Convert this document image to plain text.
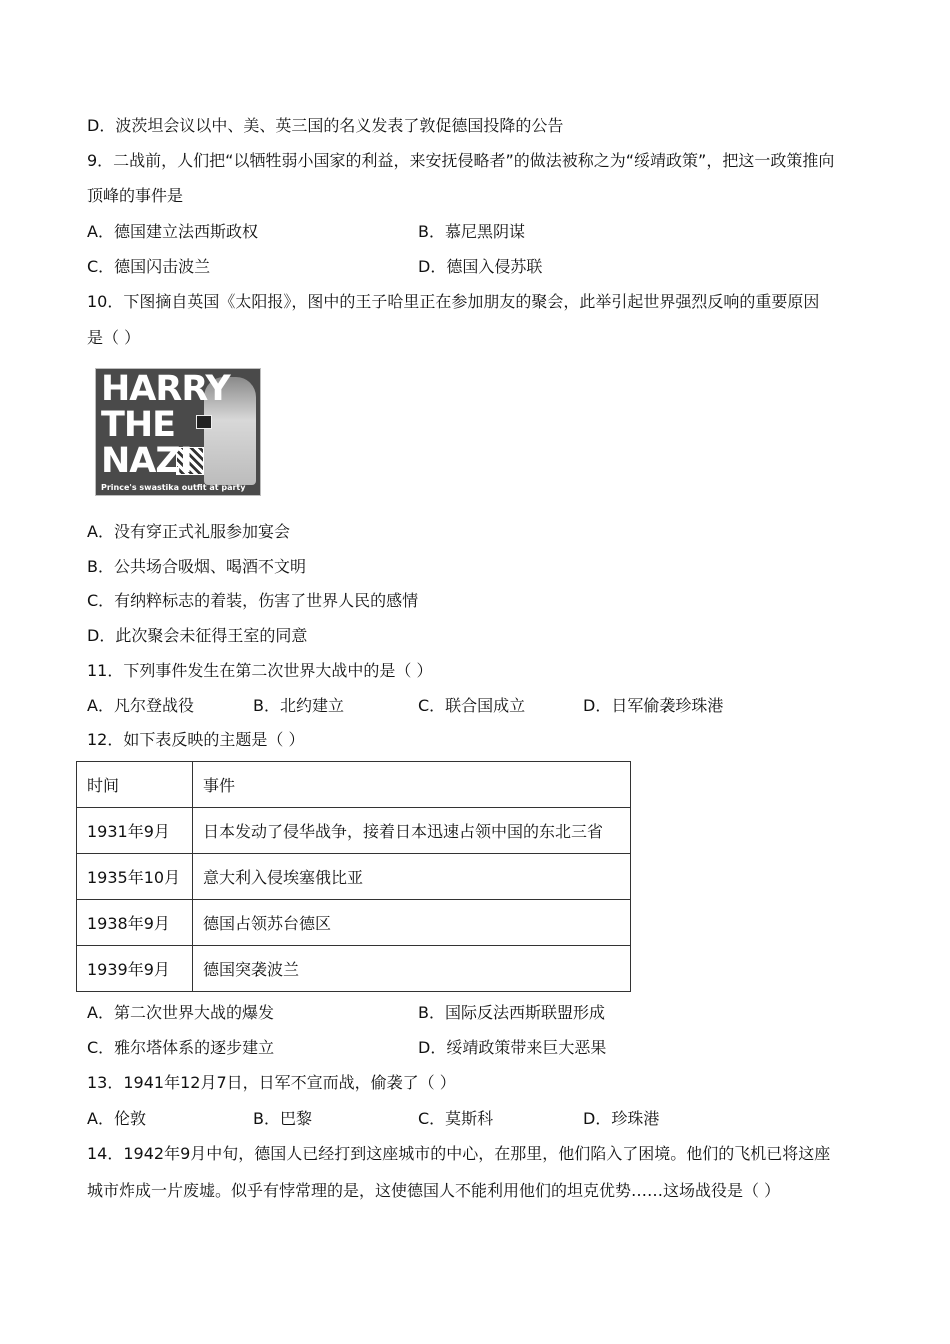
D．波茨坦会议以中、美、英三国的名义发表了敦促德国投降的公告
9．二战前，人们把“以牺牲弱小国家的利益，来安抚侵略者”的做法被称之为“绥靖政策”，把这一政策推向
顶峰的事件是
A．德国建立法西斯政权	B．慕尼黑阴谋
C．德国闪击波兰	D．德国入侵苏联
10．下图摘自英国《太阳报》，图中的王子哈里正在参加朋友的聚会，此举引起世界强烈反响的重要原因
是（ ）
HARRY
THE
NAZI
Prince's swastika outfit at party
A．没有穿正式礼服参加宴会
B．公共场合吸烟、喝酒不文明
C．有纳粹标志的着装，伤害了世界人民的感情
D．此次聚会未征得王室的同意
11．下列事件发生在第二次世界大战中的是（ ）
A．凡尔登战役	B．北约建立	C．联合国成立	D．日军偷袭珍珠港
12．如下表反映的主题是（ ）
时间	事件
1931年9月	日本发动了侵华战争，接着日本迅速占领中国的东北三省
1935年10月	意大利入侵埃塞俄比亚
1938年9月	德国占领苏台德区
1939年9月	德国突袭波兰
A．第二次世界大战的爆发	B．国际反法西斯联盟形成
C．雅尔塔体系的逐步建立	D．绥靖政策带来巨大恶果
13．1941年12月7日，日军不宣而战，偷袭了（ ）
A．伦敦	B．巴黎	C．莫斯科	D．珍珠港
14．1942年9月中旬，德国人已经打到这座城市的中心，在那里，他们陷入了困境。他们的飞机已将这座
城市炸成一片废墟。似乎有悖常理的是，这使德国人不能利用他们的坦克优势……这场战役是（ ）
